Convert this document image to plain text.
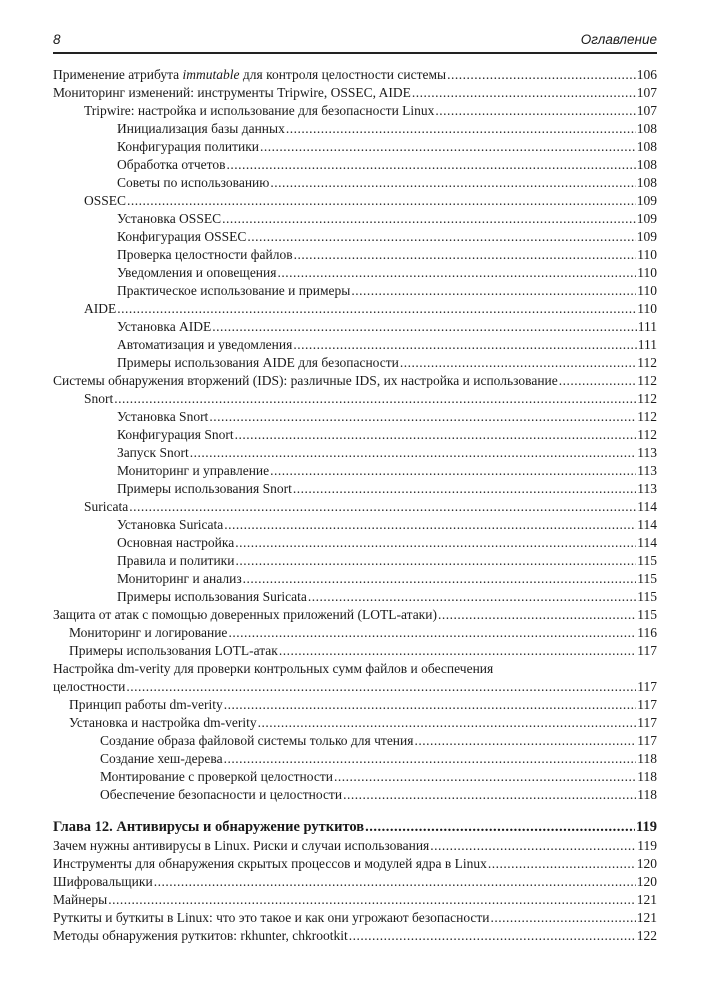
8	Оглавление
Применение атрибута immutable для контроля целостности системы .....	106
Мониторинг изменений: инструменты Tripwire, OSSEC, AIDE .....	107
Tripwire: настройка и использование для безопасности Linux .....	107
Инициализация базы данных .....	108
Конфигурация политики .....	108
Обработка отчетов .....	108
Советы по использованию .....	108
OSSEC .....	109
Установка OSSEC .....	109
Конфигурация OSSEC .....	109
Проверка целостности файлов .....	110
Уведомления и оповещения .....	110
Практическое использование и примеры .....	110
AIDE .....	110
Установка AIDE .....	111
Автоматизация и уведомления .....	111
Примеры использования AIDE для безопасности .....	112
Системы обнаружения вторжений (IDS): различные IDS, их настройка и использование .....	112
Snort .....	112
Установка Snort .....	112
Конфигурация Snort .....	112
Запуск Snort .....	113
Мониторинг и управление .....	113
Примеры использования Snort .....	113
Suricata .....	114
Установка Suricata .....	114
Основная настройка .....	114
Правила и политики .....	115
Мониторинг и анализ .....	115
Примеры использования Suricata .....	115
Защита от атак с помощью доверенных приложений (LOTL-атаки) .....	115
Мониторинг и логирование .....	116
Примеры использования LOTL-атак .....	117
Настройка dm-verity для проверки контрольных сумм файлов и обеспечения
целостности .....	117
Принцип работы dm-verity .....	117
Установка и настройка dm-verity .....	117
Создание образа файловой системы только для чтения .....	117
Создание хеш-дерева .....	118
Монтирование с проверкой целостности .....	118
Обеспечение безопасности и целостности .....	118
Глава 12. Антивирусы и обнаружение руткитов .....	119
Зачем нужны антивирусы в Linux. Риски и случаи использования .....	119
Инструменты для обнаружения скрытых процессов и модулей ядра в Linux .....	120
Шифровальщики .....	120
Майнеры .....	121
Руткиты и буткиты в Linux: что это такое и как они угрожают безопасности .....	121
Методы обнаружения руткитов: rkhunter, chkrootkit .....	122
